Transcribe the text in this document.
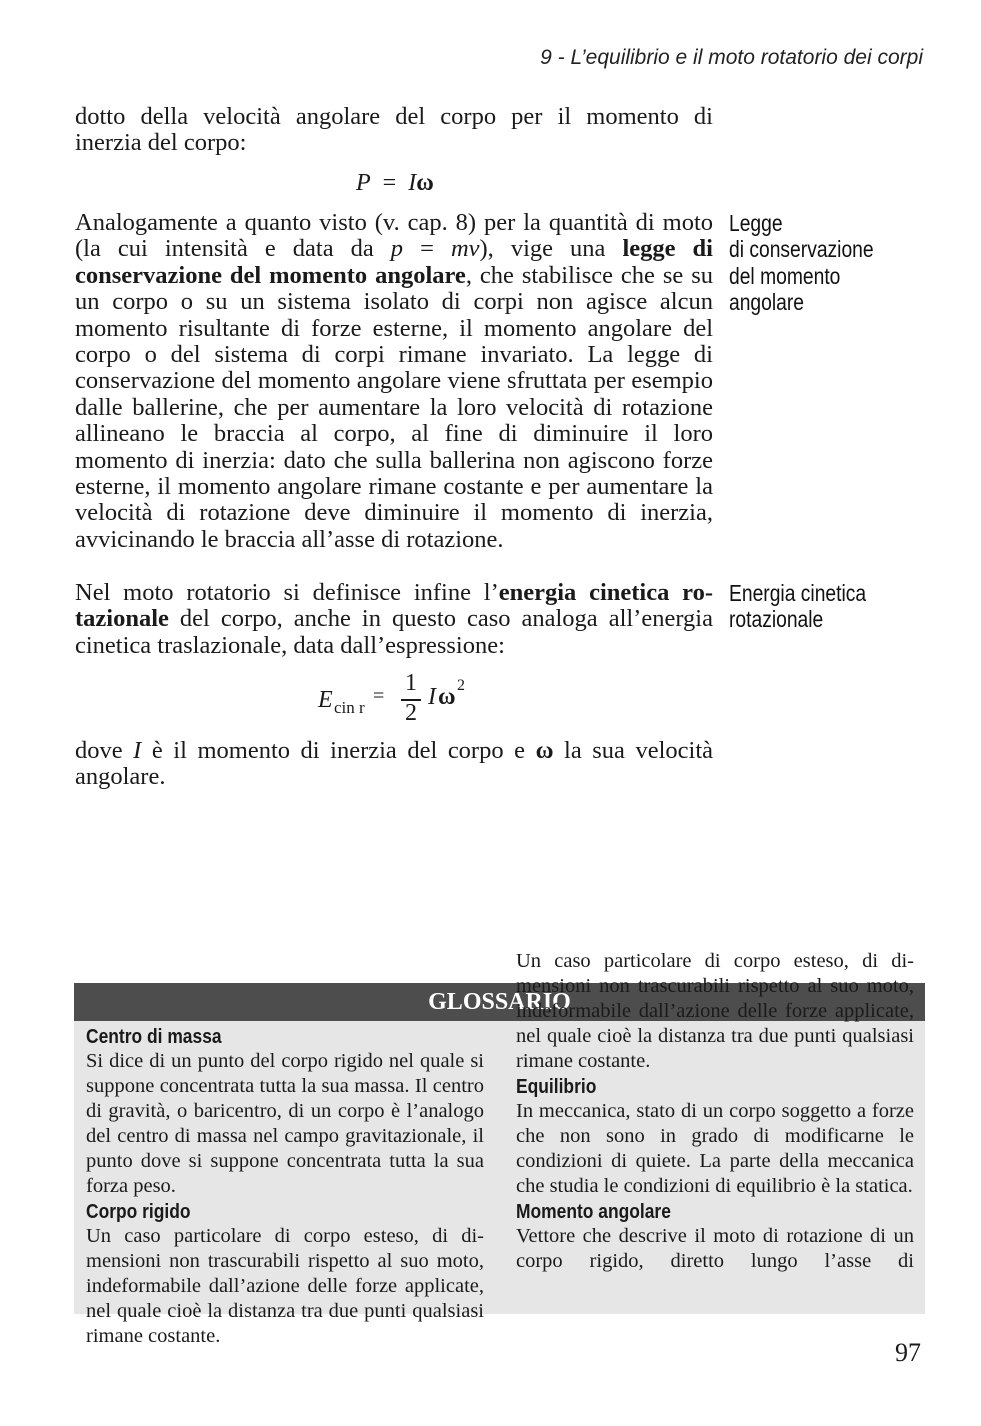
9 - L’equilibrio e il moto rotatorio dei corpi

dotto della velocità angolare del corpo per il momento di

inerzia del corpo:

P = Iω

Analogamente a quanto visto (v. cap. 8) per la quantità di moto (la cui intensità e data da p = mv), vige una legge di conservazione del momento angolare, che stabilisce che se su un corpo o su un sistema isolato di corpi non agisce alcun momento risultante di forze esterne, il momento angolare del corpo o del sistema di corpi rimane invariato. La legge di conservazione del momento angolare viene sfruttata per esempio dalle ballerine, che per aumentare la loro velocità di rotazione allineano le braccia al corpo, al fine di diminuire il loro momento di inerzia: dato che sulla ballerina non agiscono forze esterne, il momento angolare rimane costante e per aumentare la velocità di rotazione deve diminuire il momento di inerzia, avvicinando le braccia all’asse di rotazione.

Nel moto rotatorio si definisce infine l’energia cinetica rotazionale del corpo, anche in questo caso analoga all’energia cinetica traslazionale, data dall’espressione:

E cin r
= 1
2
I ω 2

dove I è il momento di inerzia del corpo e ω la sua velocità angolare.

Legge
di conservazione
del momento
angolare
Energia cinetica
rotazionale
GLOSSARIO
Centro di massa

Si dice di un punto del corpo rigido nel quale si suppone concentrata tutta la sua massa. Il centro di gravità, o baricentro, di un corpo è l’analogo del centro di massa nel campo gravitazionale, il punto dove si suppone concentrata tutta la sua forza peso.

Corpo rigido

Un caso particolare di corpo esteso, di dimensioni non trascurabili rispetto al suo moto, indeformabile dall’azione delle forze applicate, nel quale cioè la distanza tra due punti qualsiasi rimane costante.

Un caso particolare di corpo esteso, di dimensioni non trascurabili rispetto al suo moto, indeformabile dall’azione delle forze applicate, nel quale cioè la distanza tra due punti qualsiasi rimane costante.

Equilibrio

In meccanica, stato di un corpo soggetto a forze che non sono in grado di modificarne le condizioni di quiete. La parte della meccanica che studia le condizioni di equilibrio è la statica.

Momento angolare

Vettore che descrive il moto di rotazione di un corpo rigido, diretto lungo l’asse di

97
